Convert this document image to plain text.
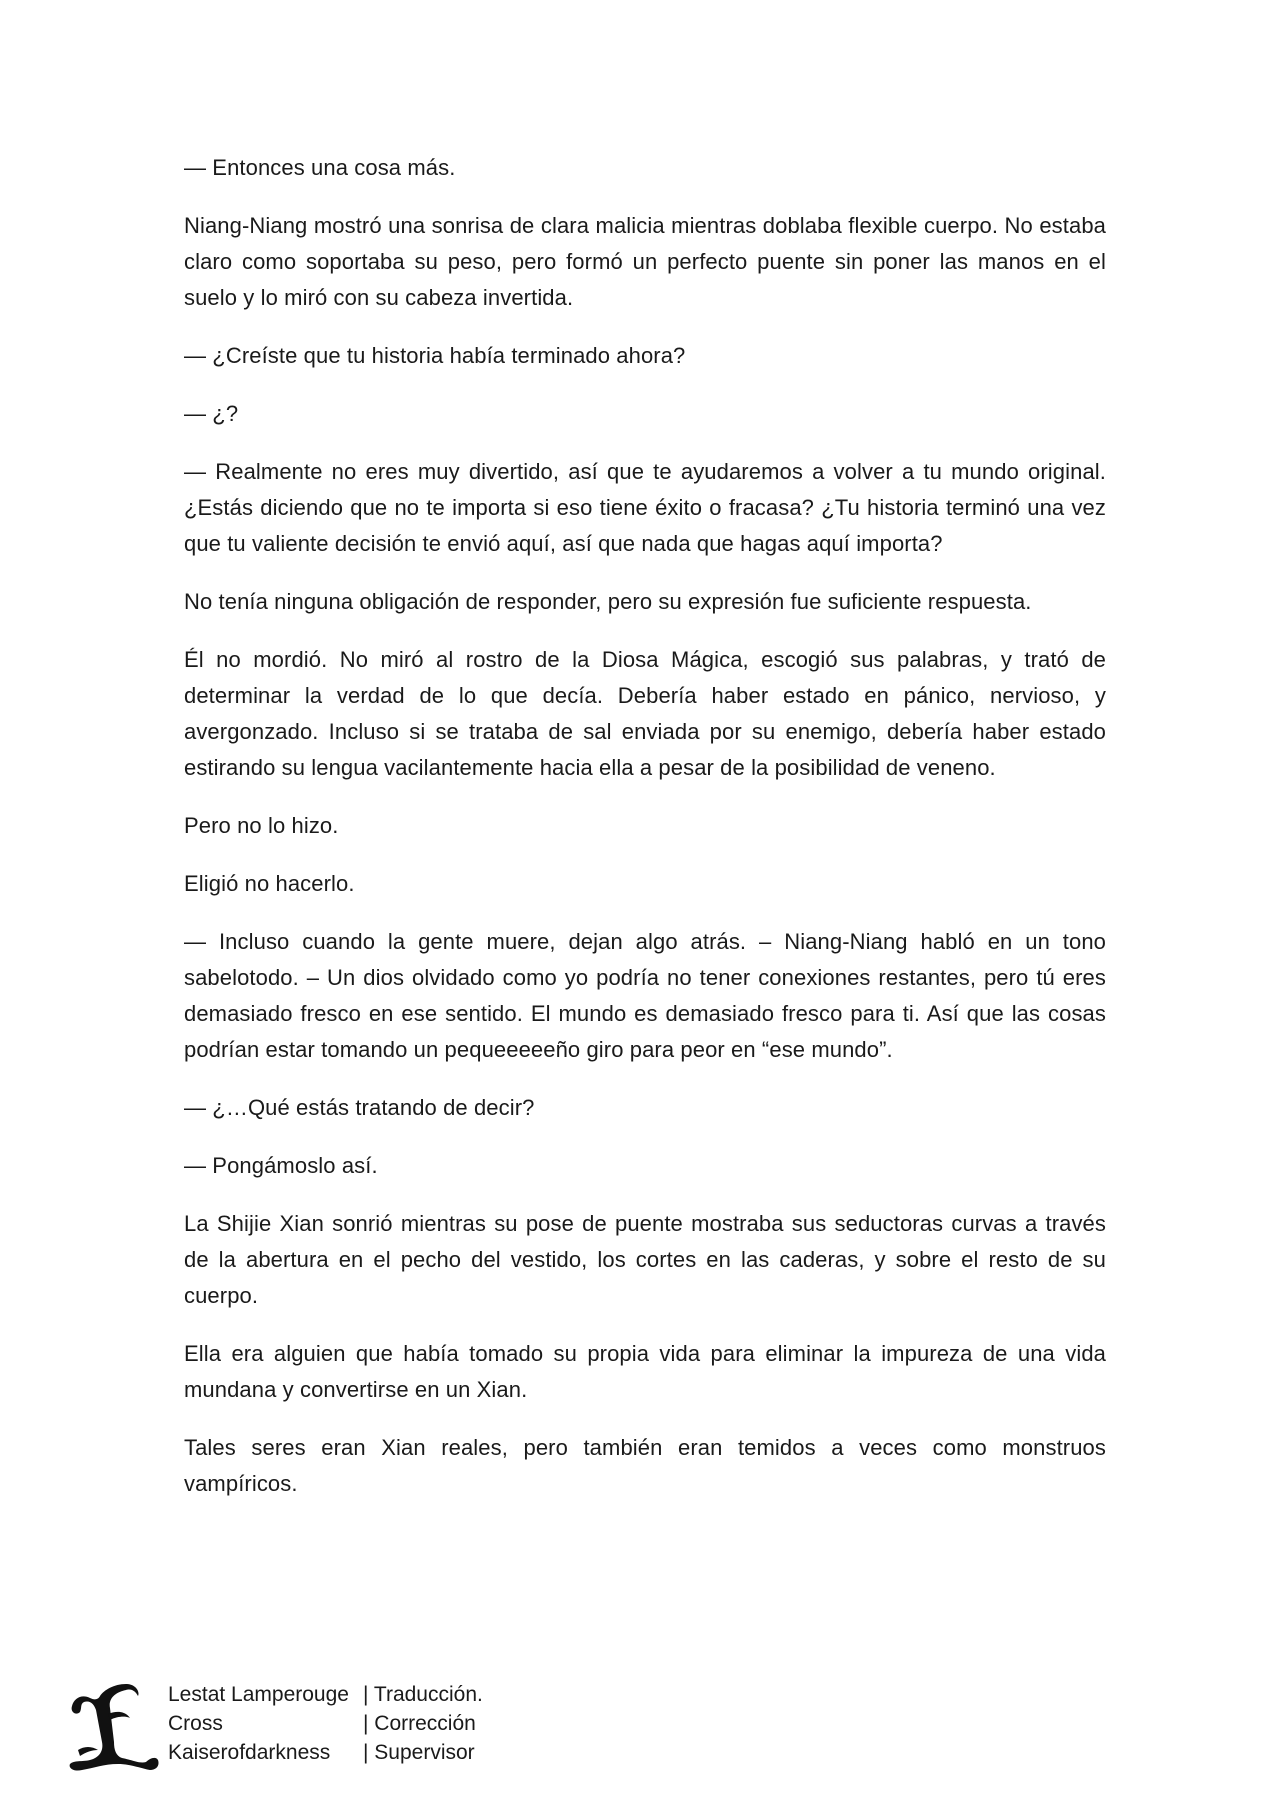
— Entonces una cosa más.

Niang-Niang mostró una sonrisa de clara malicia mientras doblaba flexible cuerpo. No estaba claro como soportaba su peso, pero formó un perfecto puente sin poner las manos en el suelo y lo miró con su cabeza invertida.

— ¿Creíste que tu historia había terminado ahora?

— ¿?

— Realmente no eres muy divertido, así que te ayudaremos a volver a tu mundo original. ¿Estás diciendo que no te importa si eso tiene éxito o fracasa? ¿Tu historia terminó una vez que tu valiente decisión te envió aquí, así que nada que hagas aquí importa?

No tenía ninguna obligación de responder, pero su expresión fue suficiente respuesta.

Él no mordió. No miró al rostro de la Diosa Mágica, escogió sus palabras, y trató de determinar la verdad de lo que decía. Debería haber estado en pánico, nervioso, y avergonzado. Incluso si se trataba de sal enviada por su enemigo, debería haber estado estirando su lengua vacilantemente hacia ella a pesar de la posibilidad de veneno.

Pero no lo hizo.

Eligió no hacerlo.

— Incluso cuando la gente muere, dejan algo atrás. – Niang-Niang habló en un tono sabelotodo. – Un dios olvidado como yo podría no tener conexiones restantes, pero tú eres demasiado fresco en ese sentido. El mundo es demasiado fresco para ti. Así que las cosas podrían estar tomando un pequeeeeeño giro para peor en “ese mundo”.

— ¿…Qué estás tratando de decir?

— Pongámoslo así.

La Shijie Xian sonrió mientras su pose de puente mostraba sus seductoras curvas a través de la abertura en el pecho del vestido, los cortes en las caderas, y sobre el resto de su cuerpo.

Ella era alguien que había tomado su propia vida para eliminar la impureza de una vida mundana y convertirse en un Xian.

Tales seres eran Xian reales, pero también eran temidos a veces como monstruos vampíricos.

Lestat Lamperouge | Traducción.
Cross	| Corrección
Kaiserofdarkness	| Supervisor
